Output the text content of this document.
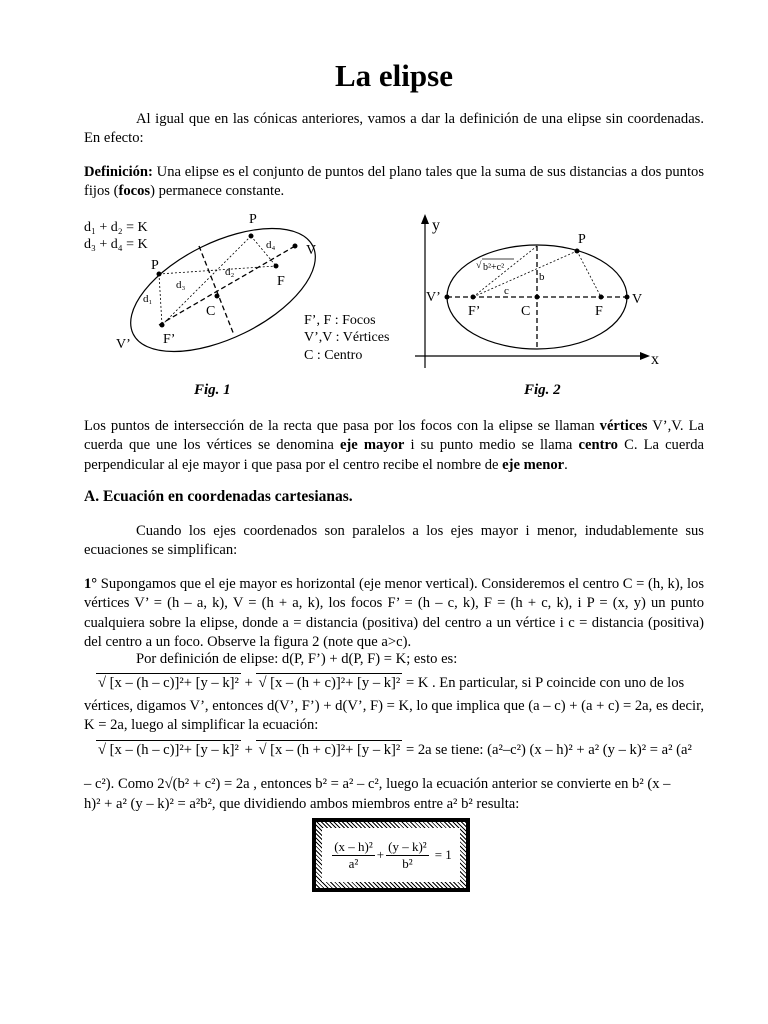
La elipse

Al igual que en las cónicas anteriores, vamos a dar la definición de una elipse sin coordenadas. En efecto:

Definición: Una elipse es el conjunto de puntos del plano tales que la suma de sus distancias a dos puntos fijos (focos) permanece constante.

d₁ + d₂ = K
d₃ + d₄ = K
P
P
V
V’
F
F’
C
d₁
d₂
d₃
d₄
F’, F : Focos
V’,V : Vértices
C : Centro
y
x
P
V
V’
F’	C	F
b
c
√ b²+c²
Fig. 1	Fig. 2

Los puntos de intersección de la recta que pasa por los focos con la elipse se llaman vértices V’,V. La cuerda que une los vértices se denomina eje mayor i su punto medio se llama centro C. La cuerda perpendicular al eje mayor i que pasa por el centro recibe el nombre de eje menor.

A. Ecuación en coordenadas cartesianas.

Cuando los ejes coordenados son paralelos a los ejes mayor i menor, indudablemente sus ecuaciones se simplifican:

1° Supongamos que el eje mayor es horizontal (eje menor vertical). Consideremos el centro C = (h, k), los vértices V’ = (h – a, k), V = (h + a, k), los focos F’ = (h – c, k), F = (h + c, k), i P = (x, y) un punto cualquiera sobre la elipse, donde a = distancia (positiva) del centro a un vértice i c = distancia (positiva) del centro a un foco. Observe la figura 2 (note que a>c).

Por definición de elipse: d(P, F’) + d(P, F) = K; esto es:

√ [x – (h – c)]²+ [y – k]² + √ [x – (h + c)]²+ [y – k]² = K . En particular, si P coincide con uno de los

vértices, digamos V’, entonces d(V’, F’) + d(V’, F) = K, lo que implica que (a – c) + (a + c) = 2a, es decir, K = 2a, luego al simplificar la ecuación:

√ [x – (h – c)]²+ [y – k]² + √ [x – (h + c)]²+ [y – k]² = 2a se tiene: (a²–c²) (x – h)² + a² (y – k)² = a² (a²
– c²). Como 2√(b² + c²) = 2a , entonces b² = a² – c², luego la ecuación anterior se convierte en b² (x –
h)² + a² (y – k)² = a²b², que dividiendo ambos miembros entre a² b² resulta:
$\frac{\text{(x – h)²}}{\text{a²}} + \frac{\text{(y – k)²}}{\text{b²}} = 1$
